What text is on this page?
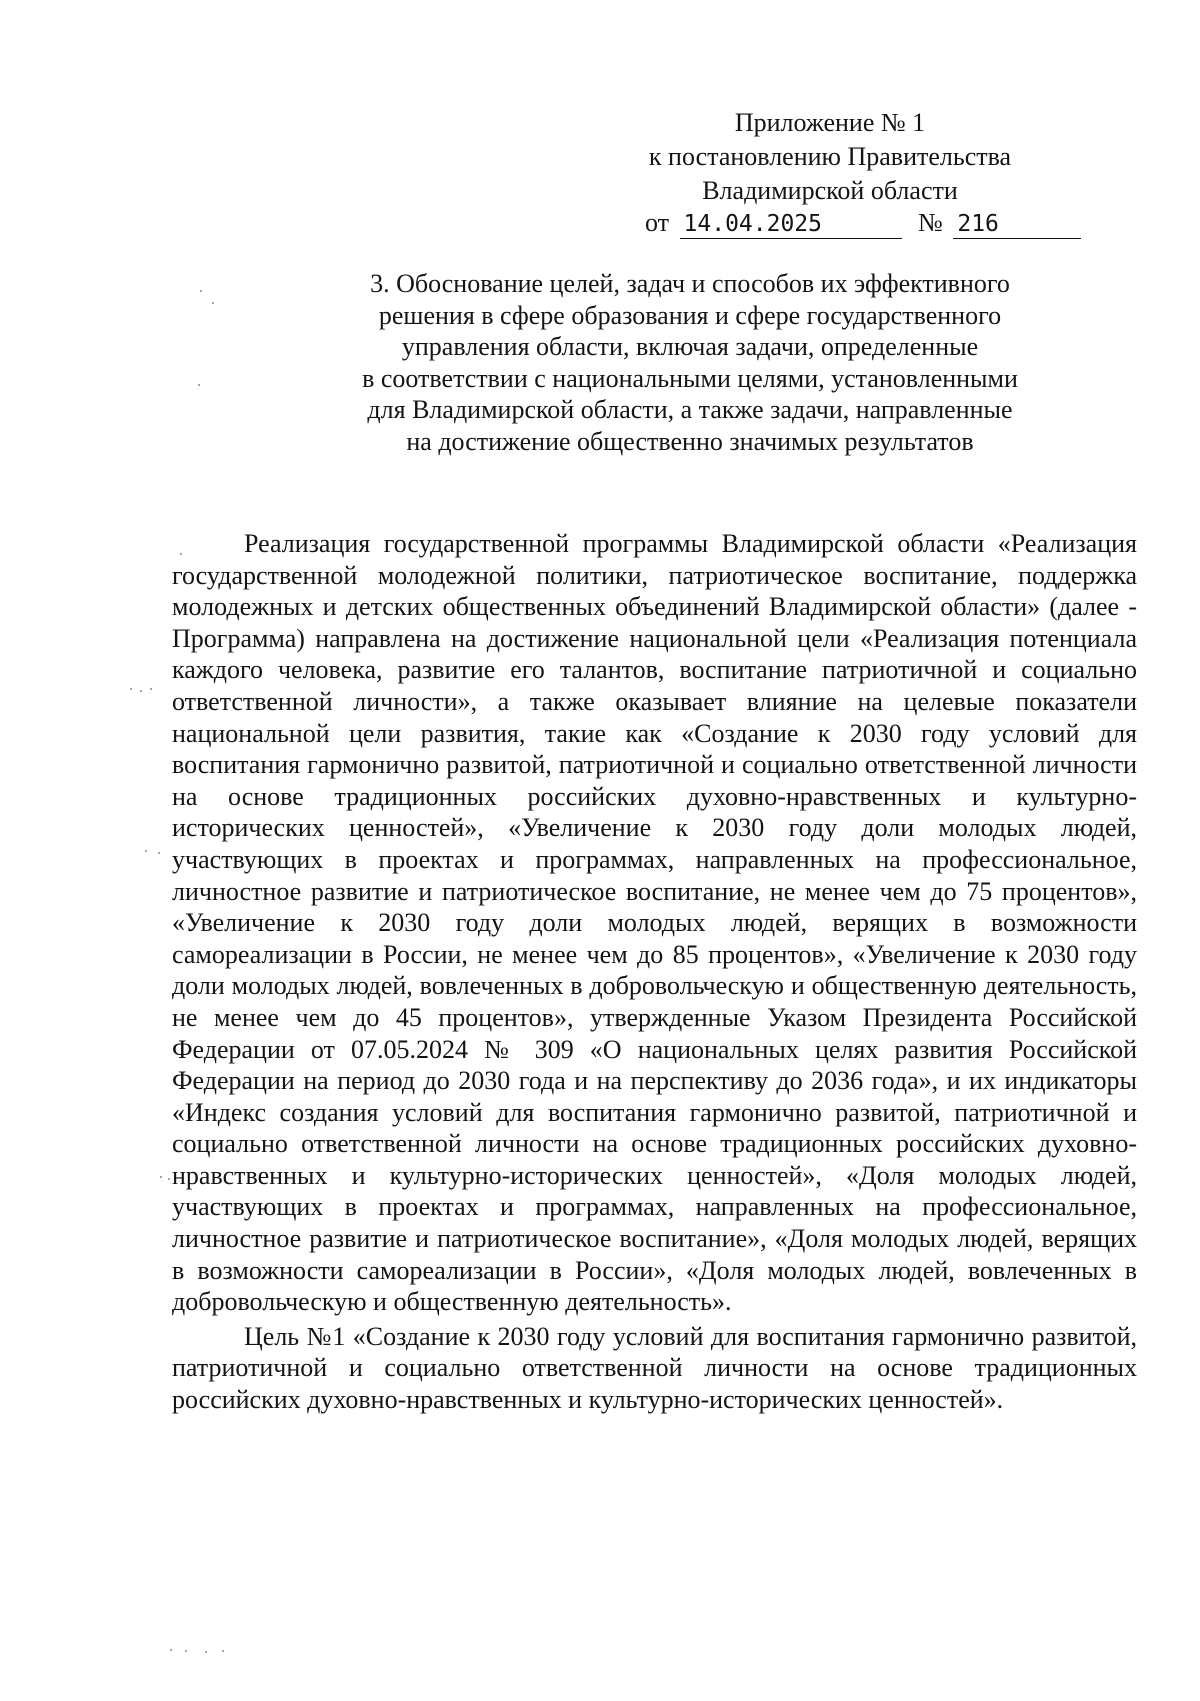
Приложение № 1
к постановлению Правительства
Владимирской области
от 14.04.2025	№ 216
3. Обоснование целей, задач и способов их эффективного
решения в сфере образования и сфере государственного
управления области, включая задачи, определенные
в соответствии с национальными целями, установленными
для Владимирской области, а также задачи, направленные
на достижение общественно значимых результатов

Реализация государственной программы Владимирской области «Реализация государственной молодежной политики, патриотическое воспитание, поддержка молодежных и детских общественных объединений Владимирской области» (далее - Программа) направлена на достижение национальной цели «Реализация потенциала каждого человека, развитие его талантов, воспитание патриотичной и социально ответственной личности», а также оказывает влияние на целевые показатели национальной цели развития, такие как «Создание к 2030 году условий для воспитания гармонично развитой, патриотичной и социально ответственной личности на основе традиционных российских духовно-нравственных и культурно-исторических ценностей», «Увеличение к 2030 году доли молодых людей, участвующих в проектах и программах, направленных на профессиональное, личностное развитие и патриотическое воспитание, не менее чем до 75 процентов», «Увеличение к 2030 году доли молодых людей, верящих в возможности самореализации в России, не менее чем до 85 процентов», «Увеличение к 2030 году доли молодых людей, вовлеченных в добровольческую и общественную деятельность, не менее чем до 45 процентов», утвержденные Указом Президента Российской Федерации от 07.05.2024 № 309 «О национальных целях развития Российской Федерации на период до 2030 года и на перспективу до 2036 года», и их индикаторы «Индекс создания условий для воспитания гармонично развитой, патриотичной и социально ответственной личности на основе традиционных российских духовно-нравственных и культурно-исторических ценностей», «Доля молодых людей, участвующих в проектах и программах, направленных на профессиональное, личностное развитие и патриотическое воспитание», «Доля молодых людей, верящих в возможности самореализации в России», «Доля молодых людей, вовлеченных в добровольческую и общественную деятельность».

Цель №1 «Создание к 2030 году условий для воспитания гармонично развитой, патриотичной и социально ответственной личности на основе традиционных российских духовно-нравственных и культурно-исторических ценностей».
